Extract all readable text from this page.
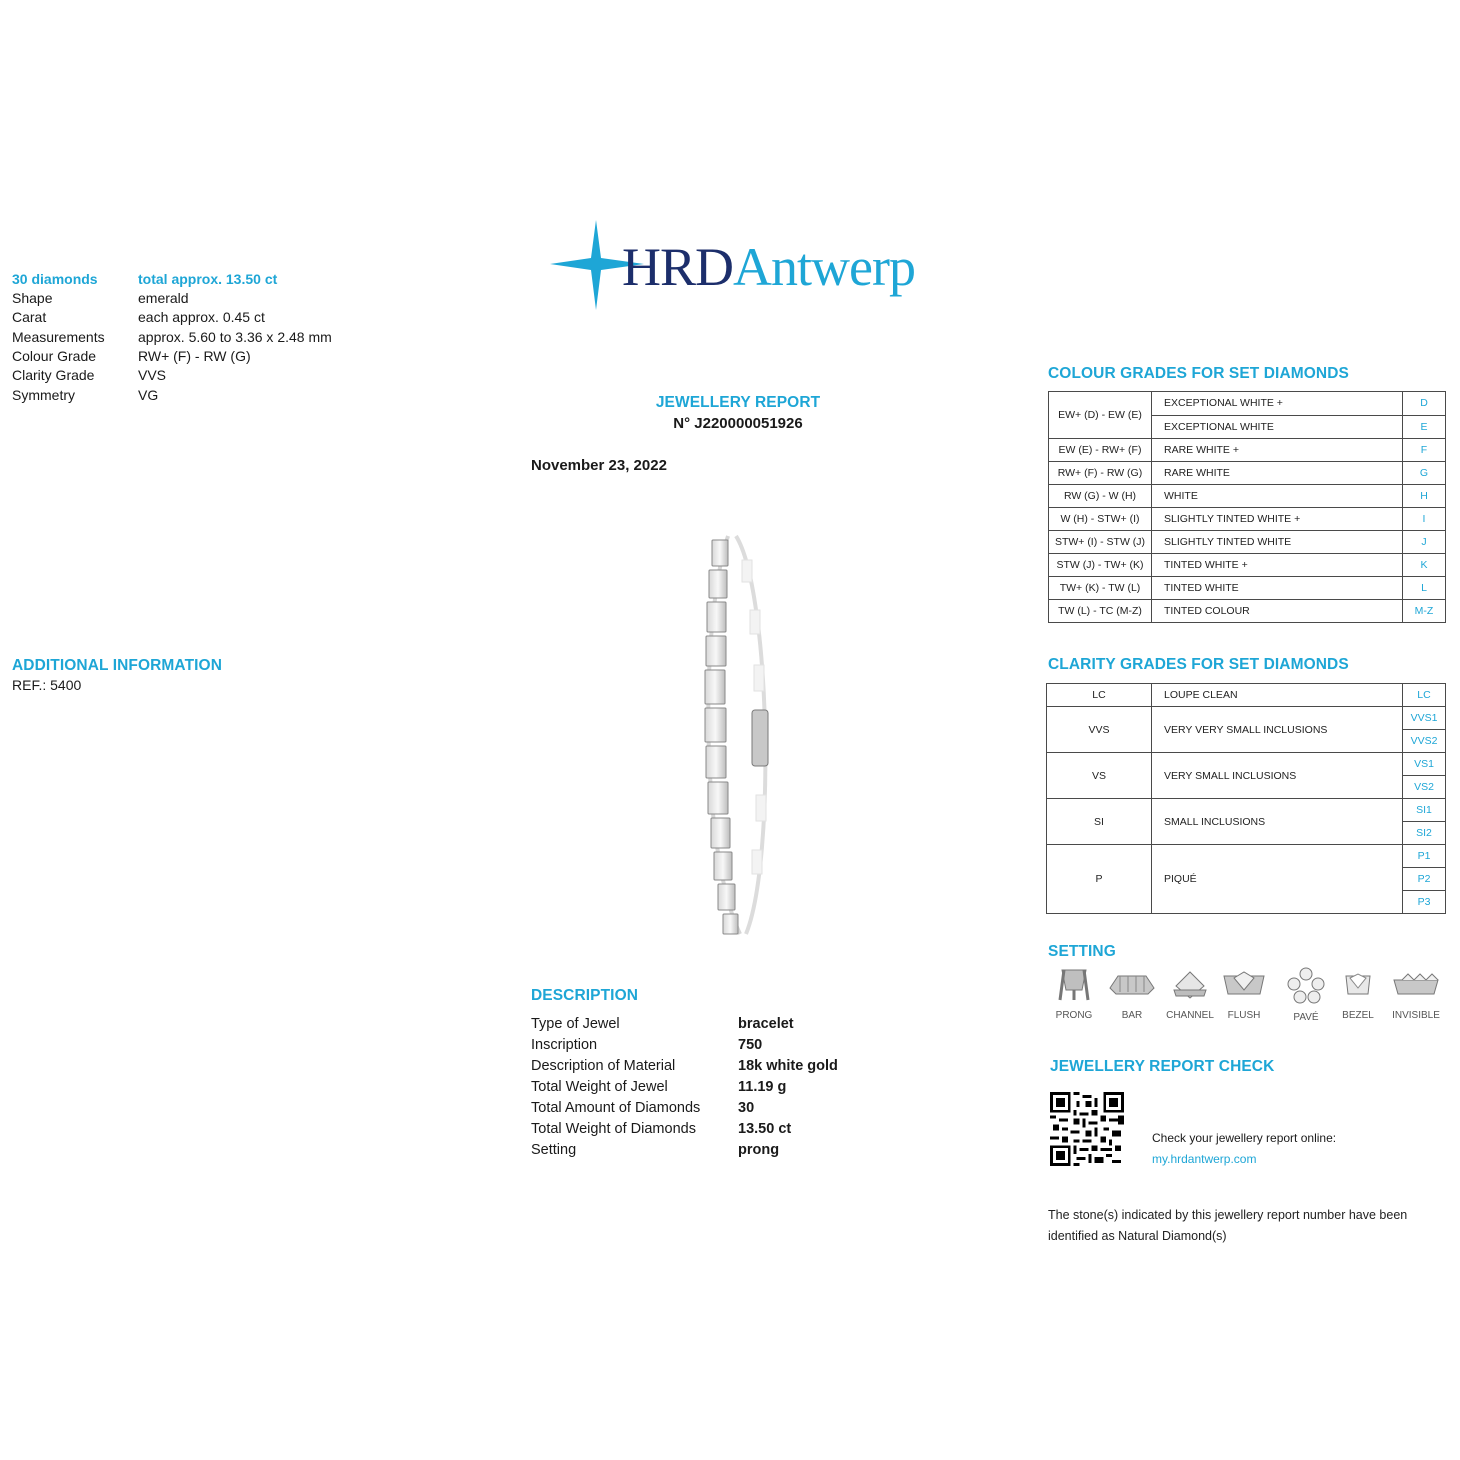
HRDAntwerp
30 diamonds	total approx. 13.50 ct
Shape	emerald
Carat	each approx. 0.45 ct
Measurements	approx. 5.60 to 3.36 x 2.48 mm
Colour Grade	RW+ (F) - RW (G)
Clarity Grade	VVS
Symmetry	VG
ADDITIONAL INFORMATION
REF.: 5400
JEWELLERY REPORT
N° J220000051926
November 23, 2022
DESCRIPTION
Type of Jewel	bracelet
Inscription	750
Description of Material	18k white gold
Total Weight of Jewel	11.19 g
Total Amount of Diamonds	30
Total Weight of Diamonds	13.50 ct
Setting	prong
COLOUR GRADES FOR SET DIAMONDS
EW+ (D) - EW (E)	EXCEPTIONAL WHITE +	D
	EXCEPTIONAL WHITE	E
EW (E) - RW+ (F)	RARE WHITE +	F
RW+ (F) - RW (G)	RARE WHITE	G
RW (G) - W (H)	WHITE	H
W (H) - STW+ (I)	SLIGHTLY TINTED WHITE +	I
STW+ (I) - STW (J)	SLIGHTLY TINTED WHITE	J
STW (J) - TW+ (K)	TINTED WHITE +	K
TW+ (K) - TW (L)	TINTED WHITE	L
TW (L) - TC (M-Z)	TINTED COLOUR	M-Z
CLARITY GRADES FOR SET DIAMONDS
LC	LOUPE CLEAN	LC
VVS	VERY VERY SMALL INCLUSIONS	VVS1
		VVS2
VS	VERY SMALL INCLUSIONS	VS1
		VS2
SI	SMALL INCLUSIONS	SI1
		SI2
P	PIQUÉ	P1
		P2
		P3
SETTING
PRONG	BAR	CHANNEL	FLUSH	PAVÉ	BEZEL	INVISIBLE
JEWELLERY REPORT CHECK
Check your jewellery report online:
my.hrdantwerp.com
The stone(s) indicated by this jewellery report number have been
identified as Natural Diamond(s)
